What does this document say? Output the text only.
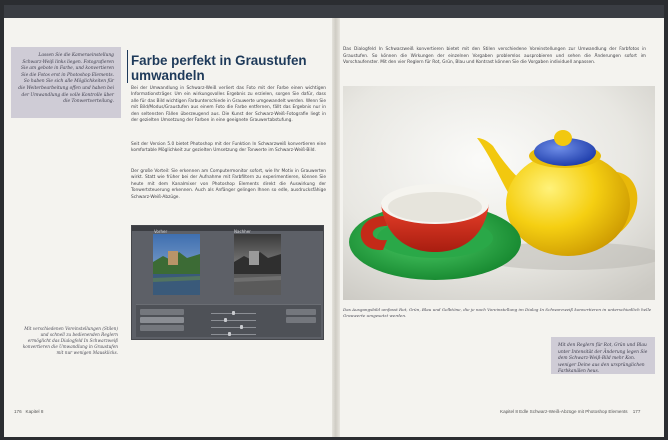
Lassen Sie die Kameraeinstellung Schwarz-Weiß links liegen. Fotografieren Sie am gebote in Farbe, und konvertieren Sie die Fotos erst in Photoshop Elements. So haben Sie sich alle Möglichkeiten für die Weiterbearbeitung offen und haben bei der Umwandlung die volle Kontrolle über die Tonwertverteilung.

Farbe perfekt in Graustufen umwandeln

Bei der Umwandlung in Schwarz-Weiß verliert das Foto mit der Farbe einen wichtigen Informationsträger. Um ein wirkungsvolles Ergebnis zu erzielen, sorgen Sie dafür, dass alle für das Bild wichtigen Farbunterschiede in Grauwerte umgewandelt werden. Wenn Sie mit Bild/Modus/Graustufen aus einem Foto die Farbe entfernen, fällt das Ergebnis nur in den seltensten Fällen überzeugend aus. Die Kunst der Schwarz-Weiß-Fotografie liegt in der gezielten Umsetzung der Farben in eine geeignete Grauwertabstufung.

Seit der Version 5.0 bietet Photoshop mit der Funktion In Schwarzweiß konvertieren eine komfortable Möglichkeit zur gezielten Umsetzung der Tonwerte im Schwarz-Weiß-Bild.

Der große Vorteil: Sie erkennen am Computermonitor sofort, wie Ihr Motiv in Grauwerten wirkt. Statt wie früher bei der Aufnahme mit Farbfiltern zu experimentieren, können Sie heute mit dem Kanalmixer von Photoshop Elements direkt die Auswirkung der Tonwertsteuerung erkennen. Auch als Anfänger gelingen Ihnen so edle, ausdrucksfähige Schwarz-Weiß-Abzüge.

Vorher	Nachher

Mit verschiedenen Voreinstellungen (Stilen) und schnell zu bedienenden Reglern ermöglicht das Dialogfeld In Schwarzweiß konvertieren die Umwandlung in Graustufen mit nur wenigen Mausklicks.

176 Kapitel 8

Das Dialogfeld In Schwarzweiß konvertieren bietet mit den Stilen verschiedene Voreinstellungen zur Umwandlung der Farbfotos in Graustufen. So können die Wirkungen der einzelnen Vorgaben problemlos ausprobieren und sehen die Änderungen sofort im Vorschaufenster. Mit den vier Reglern für Rot, Grün, Blau und Kontrast können Sie die Vorgaben individuell anpassen.

Das Ausgangsbild umfasst Rot, Grün, Blau und Gelbtöne, die je nach Voreinstellung im Dialog In Schwarzweiß konvertieren in unterschiedlich helle Grauwerte umgesetzt werden.

Mit den Reglern für Rot, Grün und Blau unter Intensität der Änderung legen Sie dem Schwarz-Weiß-Bild mehr Kon. weniger Deine aus den ursprünglichen Farbkanälen heus.

Kapitel 8 Edle Schwarz-Weiß-Abzüge mit Photoshop Elements 177
